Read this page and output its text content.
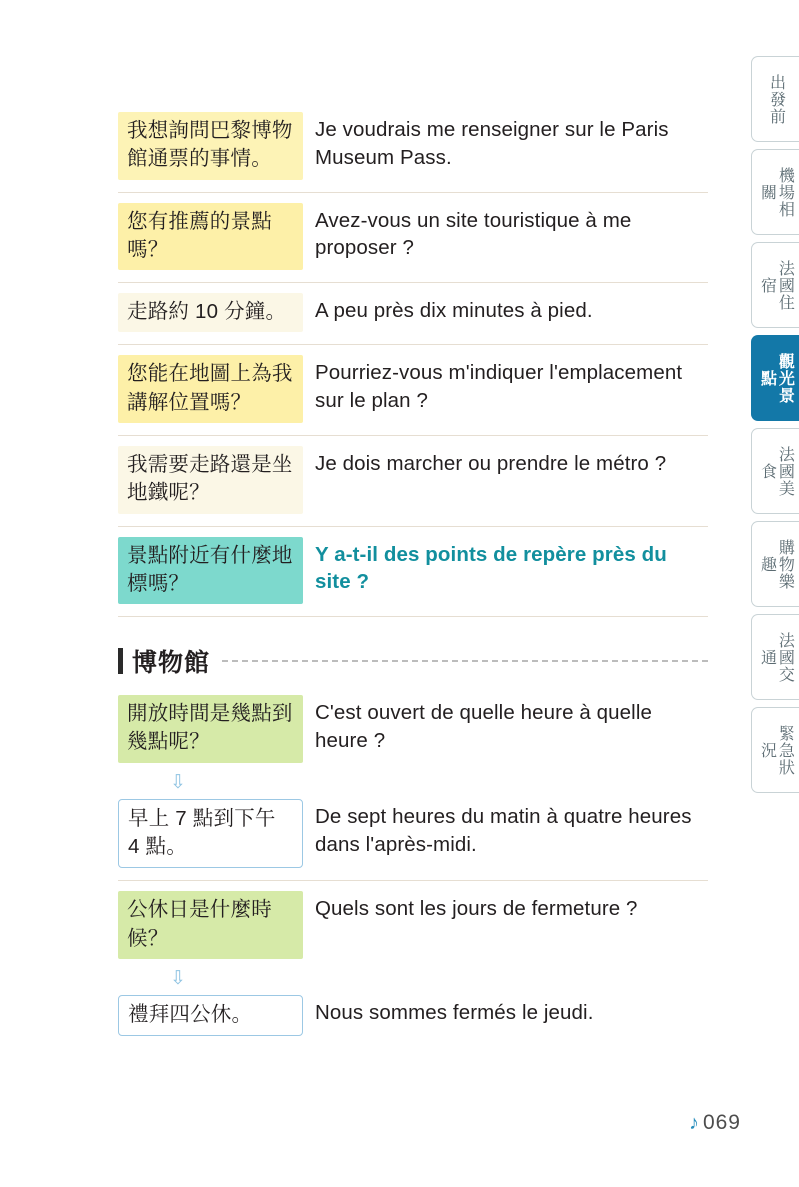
我想詢問巴黎博物館通票的事情。
Je voudrais me renseigner sur le Paris Museum Pass.
您有推薦的景點嗎？
Avez-vous un site touristique à me proposer ?
走路約 10 分鐘。	A peu près dix minutes à pied.
您能在地圖上為我講解位置嗎？
Pourriez-vous m'indiquer l'emplacement sur le plan ?
我需要走路還是坐地鐵呢？
Je dois marcher ou prendre le métro ?
景點附近有什麼地標嗎？
Y a-t-il des points de repère près du site ?
博物館
開放時間是幾點到幾點呢？
C'est ouvert de quelle heure à quelle heure ?
⇩
早上 7 點到下午 4 點。
De sept heures du matin à quatre heures dans l'après-midi.
公休日是什麼時候？
Quels sont les jours de fermeture ?
⇩
禮拜四公休。	Nous sommes fermés le jeudi.
出發前
機場相關
法國住宿
觀光景點
法國美食
購物樂趣
法國交通
緊急狀況
♪ 069
